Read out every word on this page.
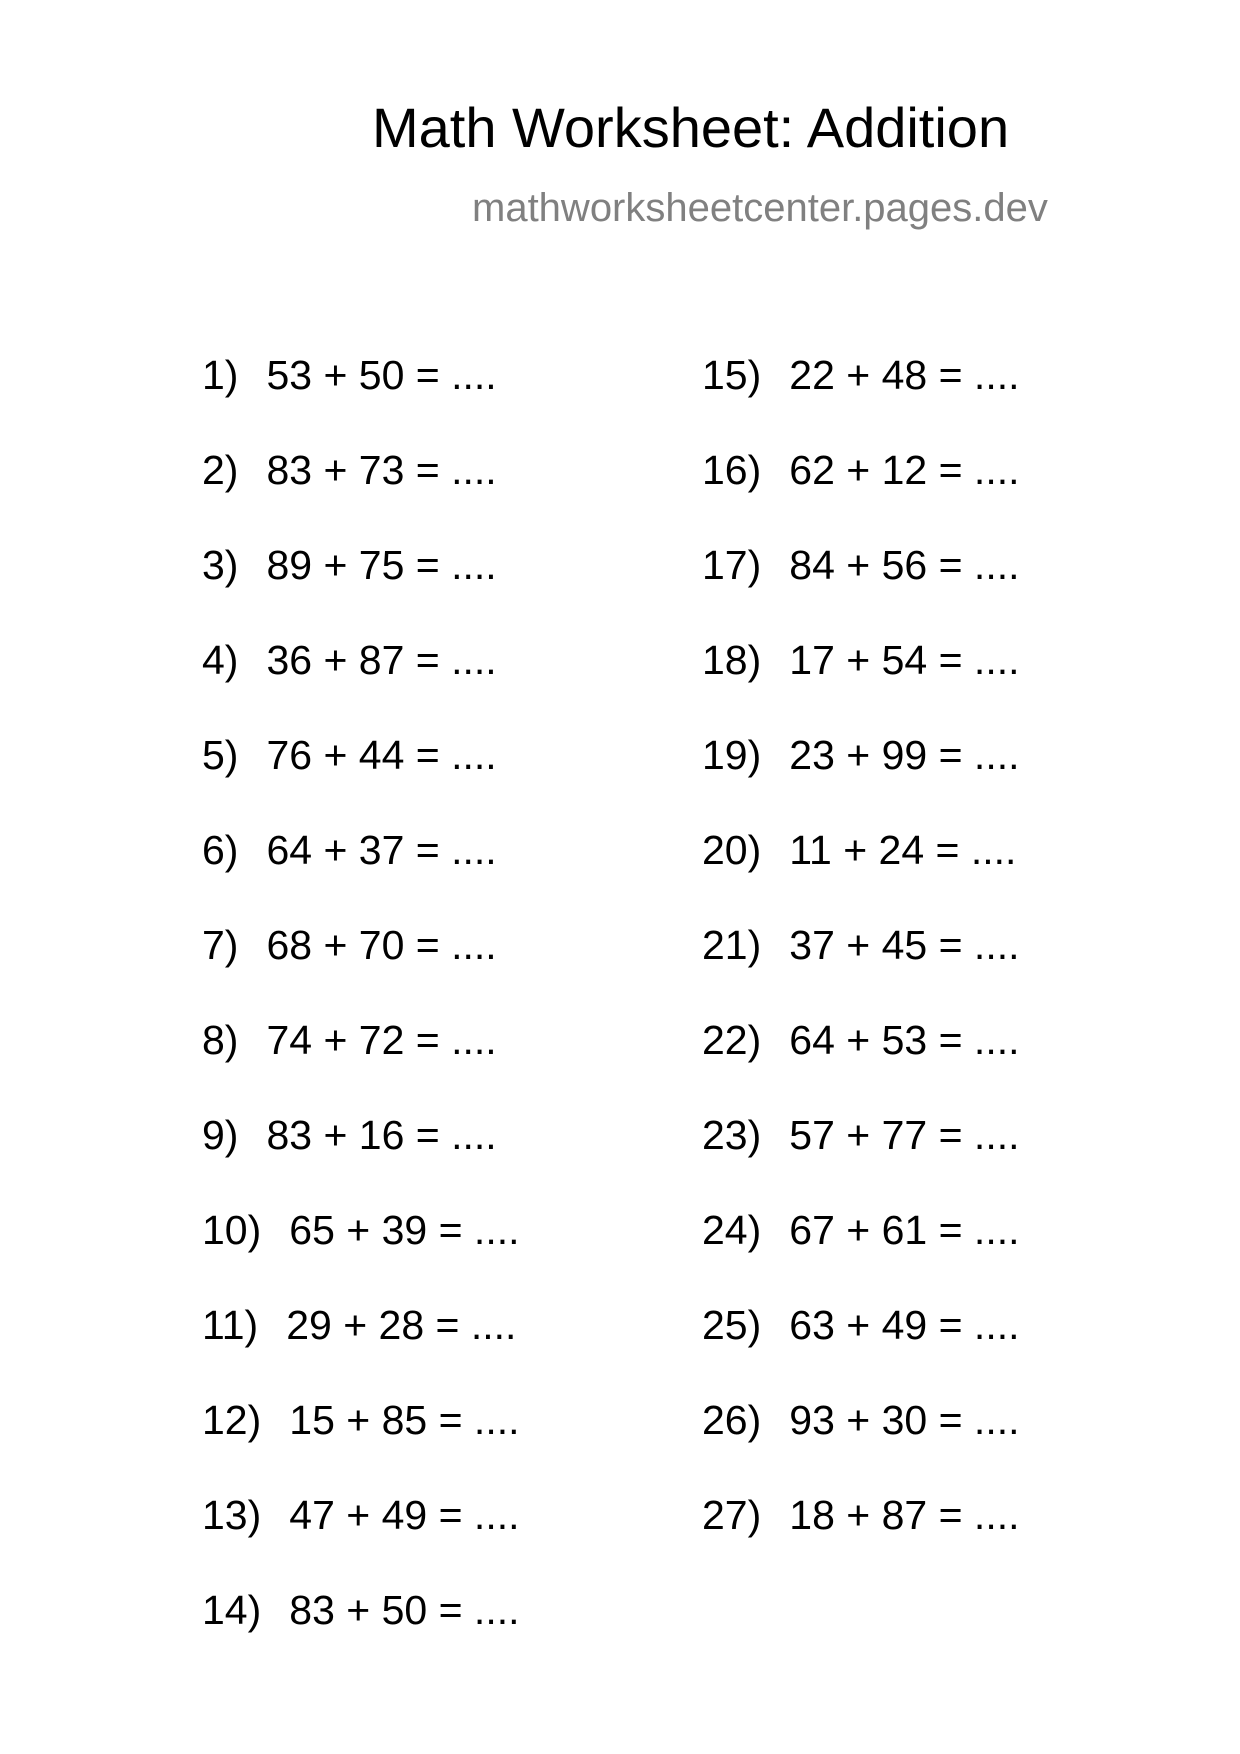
Math Worksheet: Addition
mathworksheetcenter.pages.dev
1) 53 + 50 = ....
2) 83 + 73 = ....
3) 89 + 75 = ....
4) 36 + 87 = ....
5) 76 + 44 = ....
6) 64 + 37 = ....
7) 68 + 70 = ....
8) 74 + 72 = ....
9) 83 + 16 = ....
10) 65 + 39 = ....
11) 29 + 28 = ....
12) 15 + 85 = ....
13) 47 + 49 = ....
14) 83 + 50 = ....
15) 22 + 48 = ....
16) 62 + 12 = ....
17) 84 + 56 = ....
18) 17 + 54 = ....
19) 23 + 99 = ....
20) 11 + 24 = ....
21) 37 + 45 = ....
22) 64 + 53 = ....
23) 57 + 77 = ....
24) 67 + 61 = ....
25) 63 + 49 = ....
26) 93 + 30 = ....
27) 18 + 87 = ....
